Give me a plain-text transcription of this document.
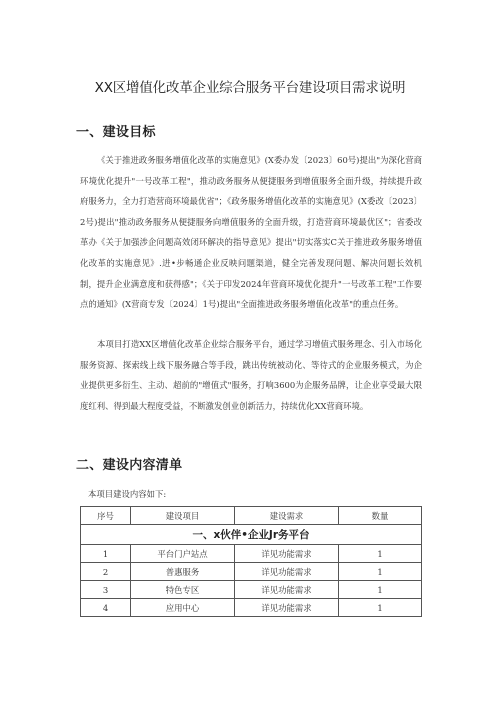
XX区增值化改革企业综合服务平台建设项目需求说明
一、建设目标

《关于推进政务服务增值化改革的实施意见》(X委办发〔2023〕60号)提出"为深化营商环境优化提升"一号改革工程"，推动政务服务从便捷服务到增值服务全面升级，持续提升政府服务力，全力打造营商环境最优省"；《政务服务增值化改革的实施意见》(X委改〔2023〕2号)提出"推动政务服务从便捷服务向增值服务的全面升级，打造营商环境最优区"；省委改革办《关于加强涉企问题高效闭环解决的指导意见》提出"切实落实C关于推进政务服务增值化改革的实施意见》.进•步畅通企业反映问题渠道，健全完善发现问题、解决问题长效机制，提升企业满意度和获得感"；《关于印发2024年营商环境优化提升"一号改革工程"工作要点的通知》(X营商专发〔2024〕1号)提出"全面推进政务服务增值化改革"的重点任务。

本项目打造XX区增值化改革企业综合服务平台，通过学习增值式服务理念、引入市场化服务资源、探索线上线下服务融合等手段，跳出传统被动化、等待式的企业服务模式，为企业提供更多衍生、主动、超前的"增值式"服务，打响3600为企服务品牌，让企业享受最大限度红利、得到最大程度受益，不断激发创业创新活力，持续优化XX营商环境。

二、建设内容清单
本项目建设内容如下:
序号	建设项目	建设需求	数量
一、x伙伴•企业Jr务平台			
1	平台门户站点	详见功能需求	1
2	普惠服务	详见功能需求	1
3	特色专区	详见功能需求	1
4	应用中心	详见功能需求	1
